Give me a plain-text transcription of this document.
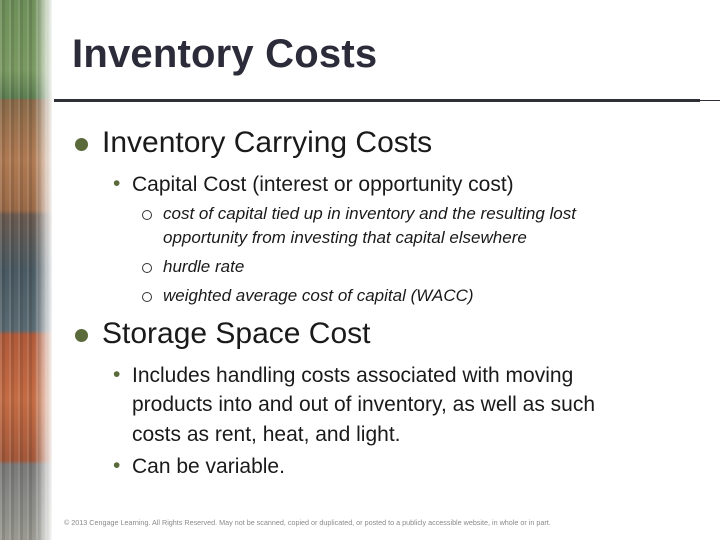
Inventory Costs
Inventory Carrying Costs
• Capital Cost (interest or opportunity cost)
cost of capital tied up in inventory and the resulting lost
opportunity from investing that capital elsewhere
hurdle rate
weighted average cost of capital (WACC)
Storage Space Cost
• Includes handling costs associated with moving
products into and out of inventory, as well as such
costs as rent, heat, and light.
• Can be variable.
© 2013 Cengage Learning. All Rights Reserved. May not be scanned, copied or duplicated, or posted to a publicly accessible website, in whole or in part.
